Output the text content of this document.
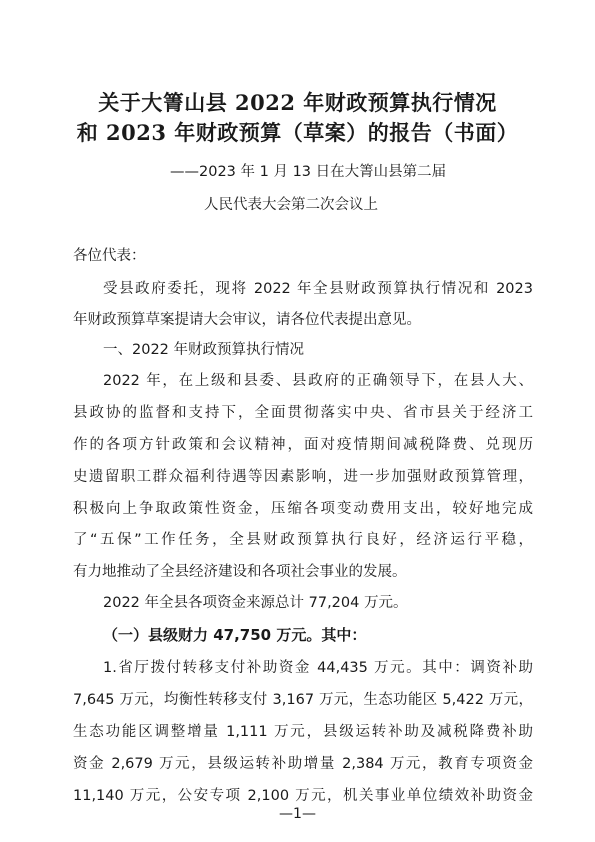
关于大箐山县 2022 年财政预算执行情况
和 2023 年财政预算（草案）的报告（书面）
——2023 年 1 月 13 日在大箐山县第二届
人民代表大会第二次会议上
各位代表：
受县政府委托，现将 2022 年全县财政预算执行情况和 2023
年财政预算草案提请大会审议，请各位代表提出意见。
一、2022 年财政预算执行情况
2022 年，在上级和县委、县政府的正确领导下，在县人大、
县政协的监督和支持下，全面贯彻落实中央、省市县关于经济工
作的各项方针政策和会议精神，面对疫情期间减税降费、兑现历
史遗留职工群众福利待遇等因素影响，进一步加强财政预算管理，
积极向上争取政策性资金，压缩各项变动费用支出，较好地完成
了“五保”工作任务，全县财政预算执行良好，经济运行平稳，
有力地推动了全县经济建设和各项社会事业的发展。
2022 年全县各项资金来源总计 77,204 万元。
（一）县级财力 47,750 万元。其中：
1.省厅拨付转移支付补助资金 44,435 万元。其中：调资补助
7,645 万元，均衡性转移支付 3,167 万元，生态功能区 5,422 万元，
生态功能区调整增量 1,111 万元，县级运转补助及减税降费补助
资金 2,679 万元，县级运转补助增量 2,384 万元，教育专项资金
11,140 万元，公安专项 2,100 万元，机关事业单位绩效补助资金
—1—
